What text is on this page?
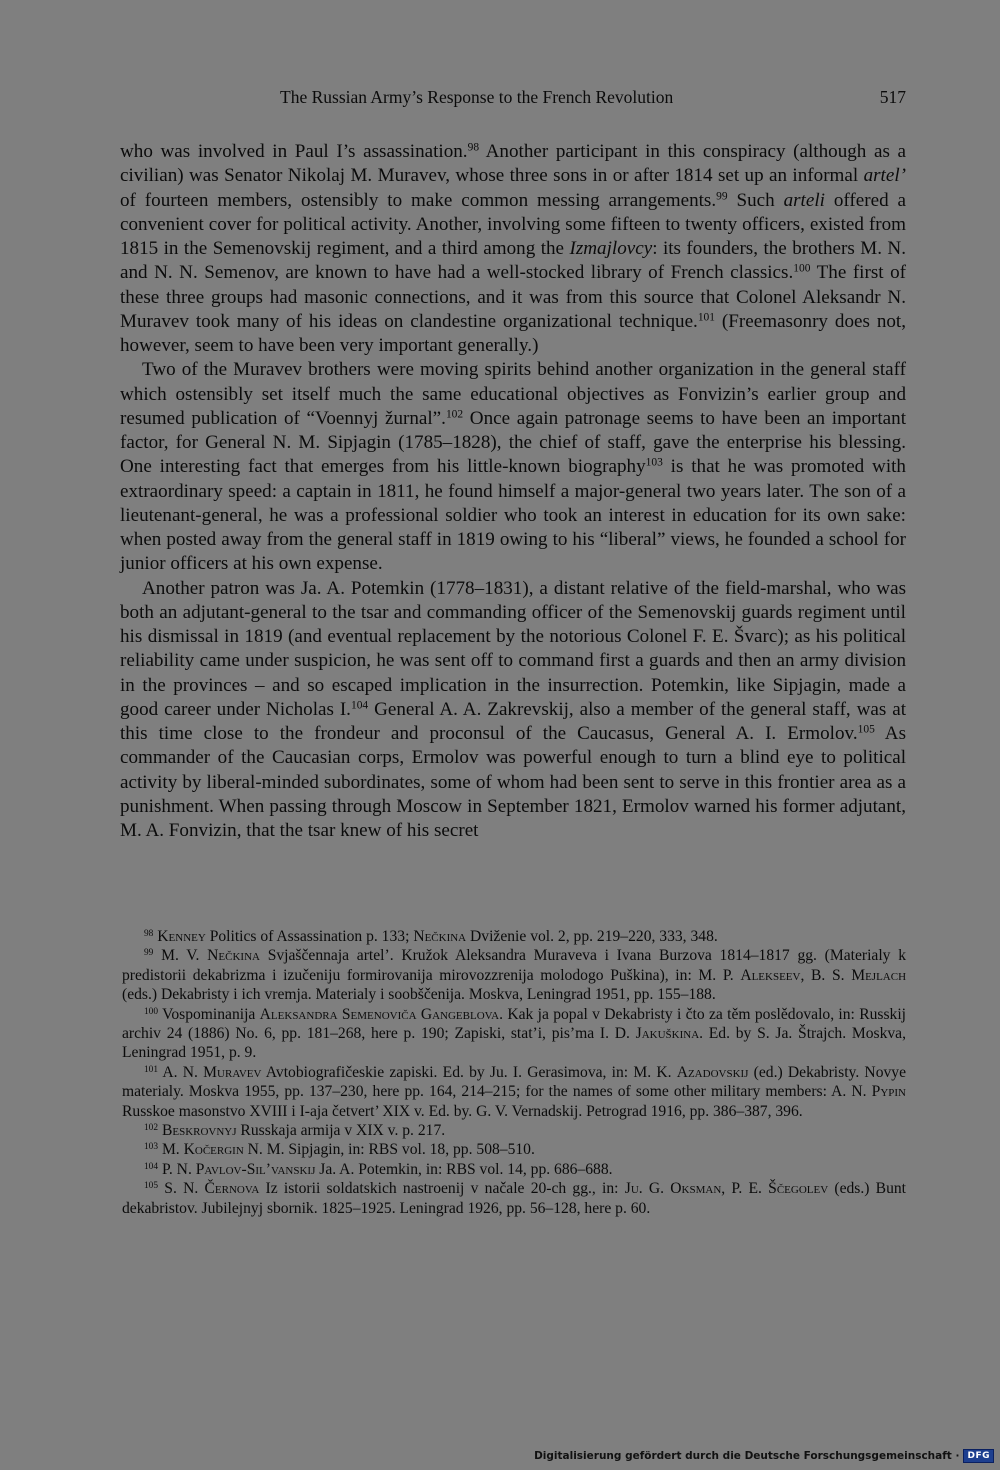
The Russian Army’s Response to the French Revolution	517

who was involved in Paul I’s assassination.$^{98}$ Another participant in this conspiracy (although as a civilian) was Senator Nikolaj M. Muravev, whose three sons in or after 1814 set up an informal artel’ of fourteen members, ostensibly to make common messing arrangements.$^{99}$ Such arteli offered a convenient cover for political activity. Another, involving some fifteen to twenty officers, existed from 1815 in the Semenovskij regiment, and a third among the Izmajlovcy: its founders, the brothers M. N. and N. N. Semenov, are known to have had a well-stocked library of French classics.$^{100}$ The first of these three groups had masonic connections, and it was from this source that Colonel Aleksandr N. Muravev took many of his ideas on clandestine organizational technique.$^{101}$ (Freemasonry does not, however, seem to have been very important generally.)

Two of the Muravev brothers were moving spirits behind another organization in the general staff which ostensibly set itself much the same educational objectives as Fonvizin’s earlier group and resumed publication of “Voennyj žurnal”.$^{102}$ Once again patronage seems to have been an important factor, for General N. M. Sipjagin (1785–1828), the chief of staff, gave the enterprise his blessing. One interesting fact that emerges from his little-known biography$^{103}$ is that he was promoted with extraordinary speed: a captain in 1811, he found himself a major-general two years later. The son of a lieutenant-general, he was a professional soldier who took an interest in education for its own sake: when posted away from the general staff in 1819 owing to his “liberal” views, he founded a school for junior officers at his own expense.

Another patron was Ja. A. Potemkin (1778–1831), a distant relative of the field-marshal, who was both an adjutant-general to the tsar and commanding officer of the Semenovskij guards regiment until his dismissal in 1819 (and eventual replacement by the notorious Colonel F. E. Švarc); as his political reliability came under suspicion, he was sent off to command first a guards and then an army division in the provinces – and so escaped implication in the insurrection. Potemkin, like Sipjagin, made a good career under Nicholas I.$^{104}$ General A. A. Zakrevskij, also a member of the general staff, was at this time close to the frondeur and proconsul of the Caucasus, General A. I. Ermolov.$^{105}$ As commander of the Caucasian corps, Ermolov was powerful enough to turn a blind eye to political activity by liberal-minded subordinates, some of whom had been sent to serve in this frontier area as a punishment. When passing through Moscow in September 1821, Ermolov warned his former adjutant, M. A. Fonvizin, that the tsar knew of his secret

$^{98}$ Kenney Politics of Assassination p. 133; Nečkina Dviženie vol. 2, pp. 219–220, 333, 348.

$^{99}$ M. V. Nečkina Svjaščennaja artel’. Kružok Aleksandra Muraveva i Ivana Burzova 1814–1817 gg. (Materialy k predistorii dekabrizma i izučeniju formirovanija mirovozzrenija molodogo Puškina), in: M. P. Alekseev, B. S. Mejlach (eds.) Dekabristy i ich vremja. Materialy i soobščenija. Moskva, Leningrad 1951, pp. 155–188.

$^{100}$ Vospominanija Aleksandra Semenoviča Gangeblova. Kak ja popal v Dekabristy i čto za těm poslědovalo, in: Russkij archiv 24 (1886) No. 6, pp. 181–268, here p. 190; Zapiski, stat’i, pis’ma I. D. Jakuškina. Ed. by S. Ja. Štrajch. Moskva, Leningrad 1951, p. 9.

$^{101}$ A. N. Muravev Avtobiografičeskie zapiski. Ed. by Ju. I. Gerasimova, in: M. K. Azadovskij (ed.) Dekabristy. Novye materialy. Moskva 1955, pp. 137–230, here pp. 164, 214–215; for the names of some other military members: A. N. Pypin Russkoe masonstvo XVIII i I-aja četvert’ XIX v. Ed. by. G. V. Vernadskij. Petrograd 1916, pp. 386–387, 396.

$^{102}$ Beskrovnyj Russkaja armija v XIX v. p. 217.

$^{103}$ M. Kočergin N. M. Sipjagin, in: RBS vol. 18, pp. 508–510.

$^{104}$ P. N. Pavlov-Sil’vanskij Ja. A. Potemkin, in: RBS vol. 14, pp. 686–688.

$^{105}$ S. N. Černova Iz istorii soldatskich nastroenij v načale 20-ch gg., in: Ju. G. Oksman, P. E. Ščegolev (eds.) Bunt dekabristov. Jubilejnyj sbornik. 1825–1925. Leningrad 1926, pp. 56–128, here p. 60.

Digitalisierung gefördert durch die Deutsche Forschungsgemeinschaft · DFG
